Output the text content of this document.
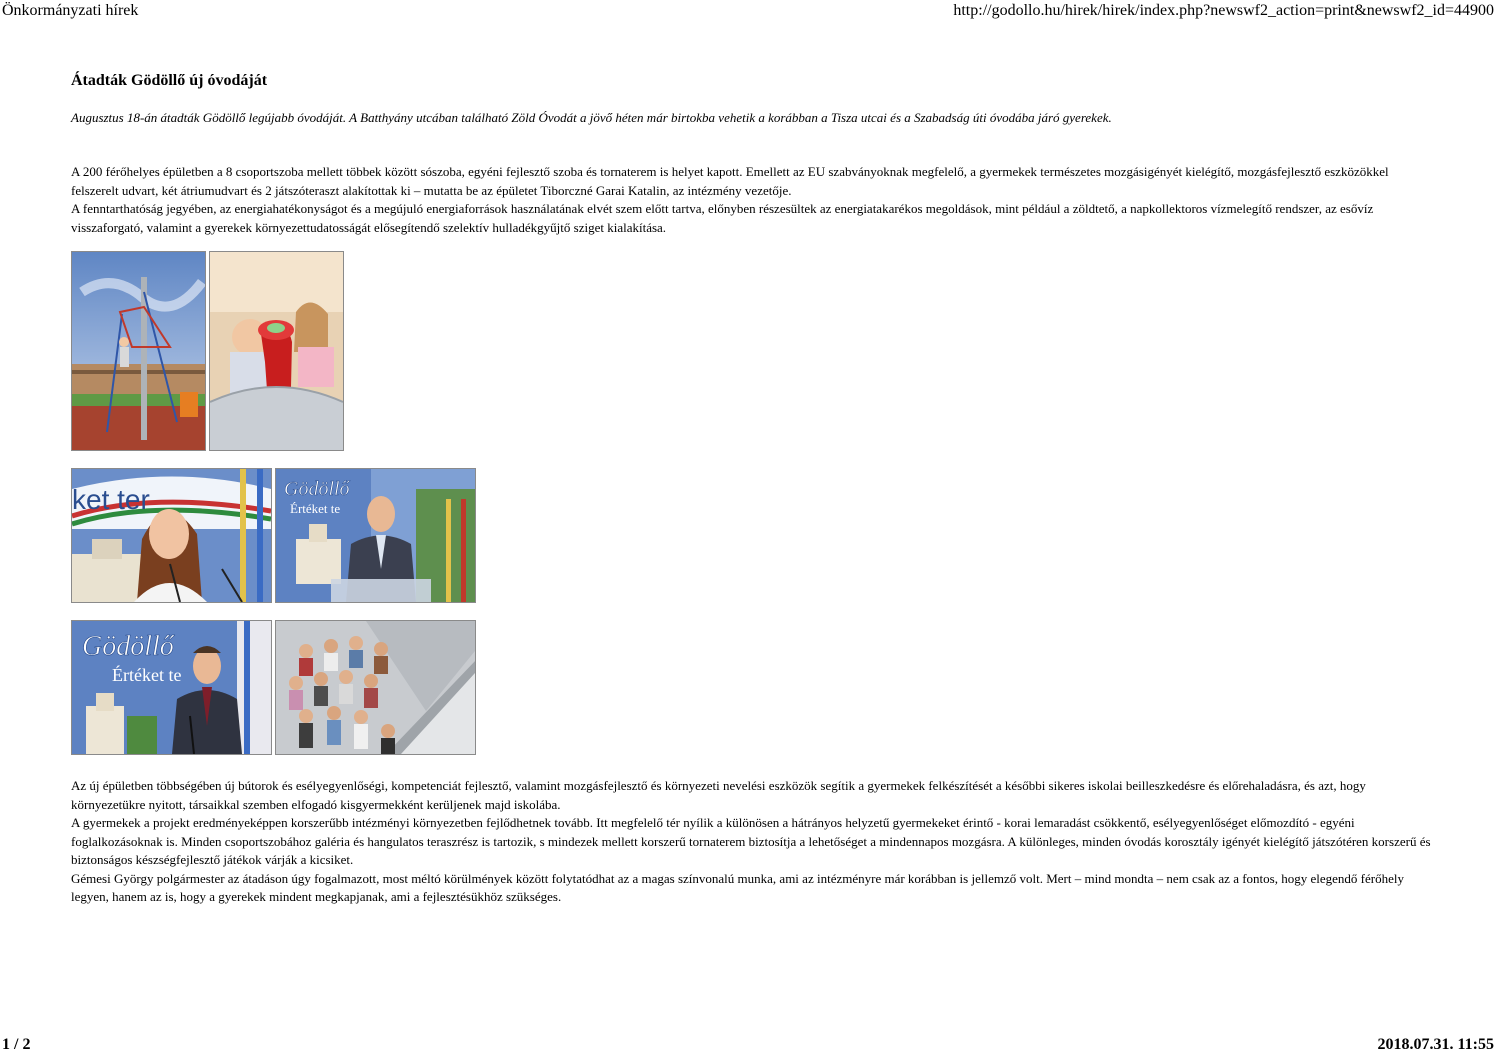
Önkormányzati hírek	http://godollo.hu/hirek/hirek/index.php?newswf2_action=print&newswf2_id=44900
Átadták Gödöllő új óvodáját
Augusztus 18-án átadták Gödöllő legújabb óvodáját. A Batthyány utcában található Zöld Óvodát a jövő héten már birtokba vehetik a korábban a Tisza utcai és a Szabadság úti óvodába járó gyerekek.

A 200 férőhelyes épületben a 8 csoportszoba mellett többek között sószoba, egyéni fejlesztő szoba és tornaterem is helyet kapott. Emellett az EU szabványoknak megfelelő, a gyermekek természetes mozgásigényét kielégítő, mozgásfejlesztő eszközökkel felszerelt udvart, két átriumudvart és 2 játszóteraszt alakítottak ki – mutatta be az épületet Tiborczné Garai Katalin, az intézmény vezetője.

A fenntarthatóság jegyében, az energiahatékonyságot és a megújuló energiaforrások használatának elvét szem előtt tartva, előnyben részesültek az energiatakarékos megoldások, mint például a zöldtető, a napkollektoros vízmelegítő rendszer, az esővíz visszaforgató, valamint a gyerekek környezettudatosságát elősegítendő szelektív hulladékgyűjtő sziget kialakítása.

ket ter	Gödöllő
Értéket te
Gödöllő
Értéket te

Az új épületben többségében új bútorok és esélyegyenlőségi, kompetenciát fejlesztő, valamint mozgásfejlesztő és környezeti nevelési eszközök segítik a gyermekek felkészítését a későbbi sikeres iskolai beilleszkedésre és előrehaladásra, és azt, hogy környezetükre nyitott, társaikkal szemben elfogadó kisgyermekként kerüljenek majd iskolába.

A gyermekek a projekt eredményeképpen korszerűbb intézményi környezetben fejlődhetnek tovább. Itt megfelelő tér nyílik a különösen a hátrányos helyzetű gyermekeket érintő - korai lemaradást csökkentő, esélyegyenlőséget előmozdító - egyéni foglalkozásoknak is. Minden csoportszobához galéria és hangulatos teraszrész is tartozik, s mindezek mellett korszerű tornaterem biztosítja a lehetőséget a mindennapos mozgásra. A különleges, minden óvodás korosztály igényét kielégítő játszótéren korszerű és biztonságos készségfejlesztő játékok várják a kicsiket.

Gémesi György polgármester az átadáson úgy fogalmazott, most méltó körülmények között folytatódhat az a magas színvonalú munka, ami az intézményre már korábban is jellemző volt. Mert – mind mondta – nem csak az a fontos, hogy elegendő férőhely legyen, hanem az is, hogy a gyerekek mindent megkapjanak, ami a fejlesztésükhöz szükséges.

1 / 2	2018.07.31. 11:55
